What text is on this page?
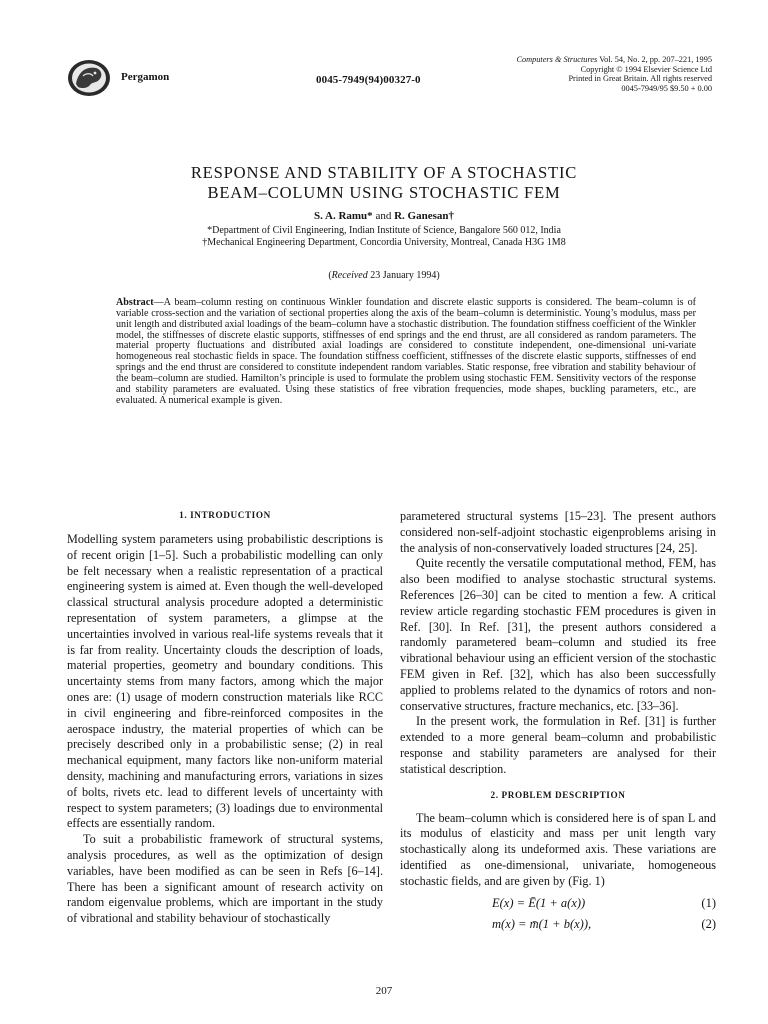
Pergamon	0045-7949(94)00327-0
Computers & Structures Vol. 54, No. 2, pp. 207–221, 1995
Copyright © 1994 Elsevier Science Ltd
Printed in Great Britain. All rights reserved
0045-7949/95 $9.50 + 0.00
RESPONSE AND STABILITY OF A STOCHASTIC
BEAM–COLUMN USING STOCHASTIC FEM
S. A. Ramu* and R. Ganesan†
*Department of Civil Engineering, Indian Institute of Science, Bangalore 560 012, India
†Mechanical Engineering Department, Concordia University, Montreal, Canada H3G 1M8
(Received 23 January 1994)
Abstract—A beam–column resting on continuous Winkler foundation and discrete elastic supports is considered. The beam–column is of variable cross-section and the variation of sectional properties along the axis of the beam–column is deterministic. Young’s modulus, mass per unit length and distributed axial loadings of the beam–column have a stochastic distribution. The foundation stiffness coefficient of the Winkler model, the stiffnesses of discrete elastic supports, stiffnesses of end springs and the end thrust, are all considered as random parameters. The material property fluctuations and distributed axial loadings are considered to constitute independent, one-dimensional uni-variate homogeneous real stochastic fields in space. The foundation stiffness coefficient, stiffnesses of the discrete elastic supports, stiffnesses of end springs and the end thrust are considered to constitute independent random variables. Static response, free vibration and stability behaviour of the beam–column are studied. Hamilton’s principle is used to formulate the problem using stochastic FEM. Sensitivity vectors of the response and stability parameters are evaluated. Using these statistics of free vibration frequencies, mode shapes, buckling parameters, etc., are evaluated. A numerical example is given.
1. INTRODUCTION

Modelling system parameters using probabilistic descriptions is of recent origin [1–5]. Such a probabilistic modelling can only be felt necessary when a realistic representation of a practical engineering system is aimed at. Even though the well-developed classical structural analysis procedure adopted a deterministic representation of system parameters, a glimpse at the uncertainties involved in various real-life systems reveals that it is far from reality. Uncertainty clouds the description of loads, material properties, geometry and boundary conditions. This uncertainty stems from many factors, among which the major ones are: (1) usage of modern construction materials like RCC in civil engineering and fibre-reinforced composites in the aerospace industry, the material properties of which can be precisely described only in a probabilistic sense; (2) in real mechanical equipment, many factors like non-uniform material density, machining and manufacturing errors, variations in sizes of bolts, rivets etc. lead to different levels of uncertainty with respect to system parameters; (3) loadings due to environmental effects are essentially random.

To suit a probabilistic framework of structural systems, analysis procedures, as well as the optimization of design variables, have been modified as can be seen in Refs [6–14]. There has been a significant amount of research activity on random eigenvalue problems, which are important in the study of vibrational and stability behaviour of stochastically

parametered structural systems [15–23]. The present authors considered non-self-adjoint stochastic eigenproblems arising in the analysis of non-conservatively loaded structures [24, 25].

Quite recently the versatile computational method, FEM, has also been modified to analyse stochastic structural systems. References [26–30] can be cited to mention a few. A critical review article regarding stochastic FEM procedures is given in Ref. [30]. In Ref. [31], the present authors considered a randomly parametered beam–column and studied its free vibrational behaviour using an efficient version of the stochastic FEM given in Ref. [32], which has also been successfully applied to problems related to the dynamics of rotors and non-conservative structures, fracture mechanics, etc. [33–36].

In the present work, the formulation in Ref. [31] is further extended to a more general beam–column and probabilistic response and stability parameters are analysed for their statistical description.

2. PROBLEM DESCRIPTION

The beam–column which is considered here is of span L and its modulus of elasticity and mass per unit length vary stochastically along its undeformed axis. These variations are identified as one-dimensional, univariate, homogeneous stochastic fields, and are given by (Fig. 1)

E(x) = Ē(1 + a(x))	(1)
m(x) = m̄(1 + b(x)),	(2)
207
